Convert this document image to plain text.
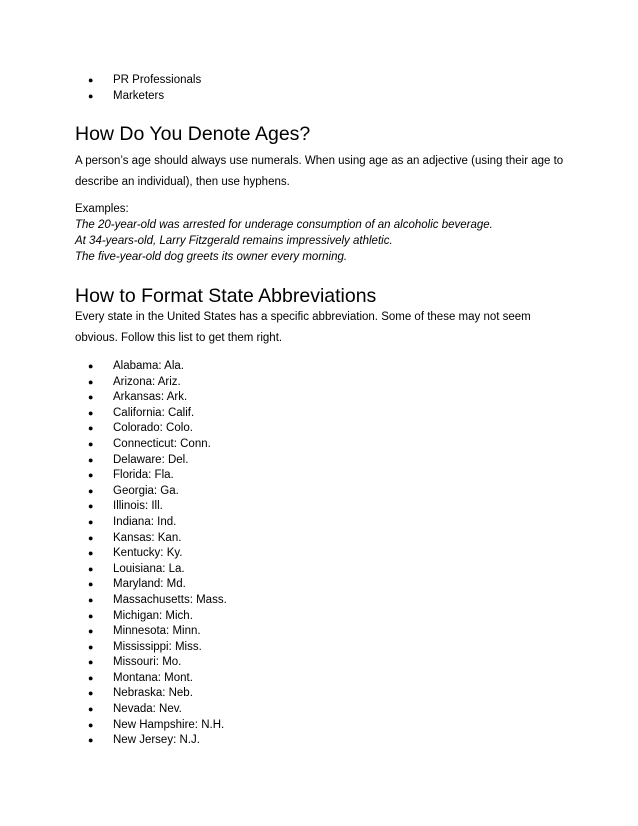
● PR Professionals
● Marketers
How Do You Denote Ages?

A person’s age should always use numerals. When using age as an adjective (using their age to describe an individual), then use hyphens.

Examples:
The 20-year-old was arrested for underage consumption of an alcoholic beverage.
At 34-years-old, Larry Fitzgerald remains impressively athletic.
The five-year-old dog greets its owner every morning.
How to Format State Abbreviations

Every state in the United States has a specific abbreviation. Some of these may not seem obvious. Follow this list to get them right.

● Alabama: Ala.
● Arizona: Ariz.
● Arkansas: Ark.
● California: Calif.
● Colorado: Colo.
● Connecticut: Conn.
● Delaware: Del.
● Florida: Fla.
● Georgia: Ga.
● Illinois: Ill.
● Indiana: Ind.
● Kansas: Kan.
● Kentucky: Ky.
● Louisiana: La.
● Maryland: Md.
● Massachusetts: Mass.
● Michigan: Mich.
● Minnesota: Minn.
● Mississippi: Miss.
● Missouri: Mo.
● Montana: Mont.
● Nebraska: Neb.
● Nevada: Nev.
● New Hampshire: N.H.
● New Jersey: N.J.
